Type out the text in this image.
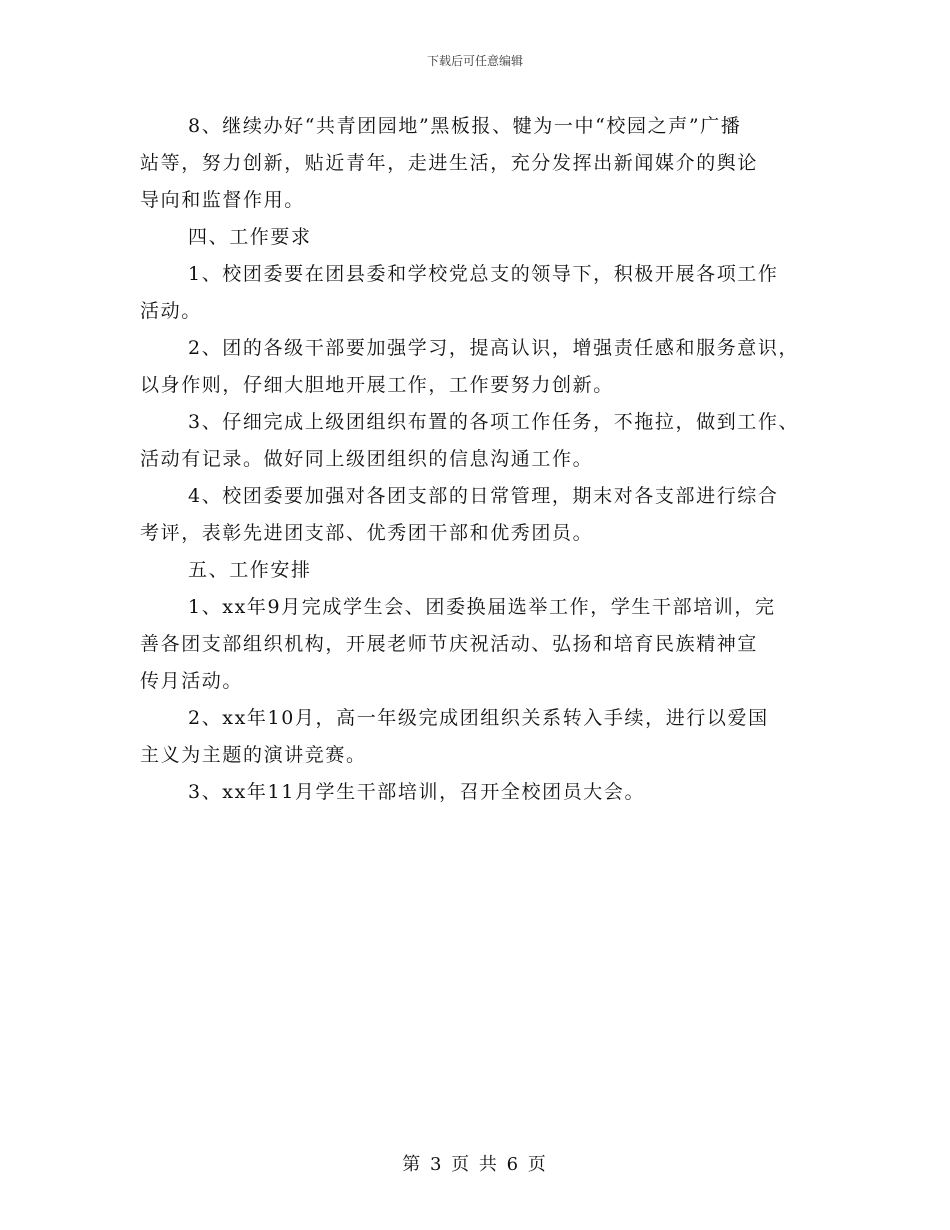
下载后可任意编辑
8、继续办好“共青团园地”黑板报、犍为一中“校园之声”广播
站等，努力创新，贴近青年，走进生活，充分发挥出新闻媒介的舆论
导向和监督作用。
四、工作要求
1、校团委要在团县委和学校党总支的领导下，积极开展各项工作
活动。
2、团的各级干部要加强学习，提高认识，增强责任感和服务意识，
以身作则，仔细大胆地开展工作，工作要努力创新。
3、仔细完成上级团组织布置的各项工作任务，不拖拉，做到工作、
活动有记录。做好同上级团组织的信息沟通工作。
4、校团委要加强对各团支部的日常管理，期末对各支部进行综合
考评，表彰先进团支部、优秀团干部和优秀团员。
五、工作安排
1、xx年9月完成学生会、团委换届选举工作，学生干部培训，完
善各团支部组织机构，开展老师节庆祝活动、弘扬和培育民族精神宣
传月活动。
2、xx年10月，高一年级完成团组织关系转入手续，进行以爱国
主义为主题的演讲竞赛。
3、xx年11月学生干部培训，召开全校团员大会。
第 3 页 共 6 页
